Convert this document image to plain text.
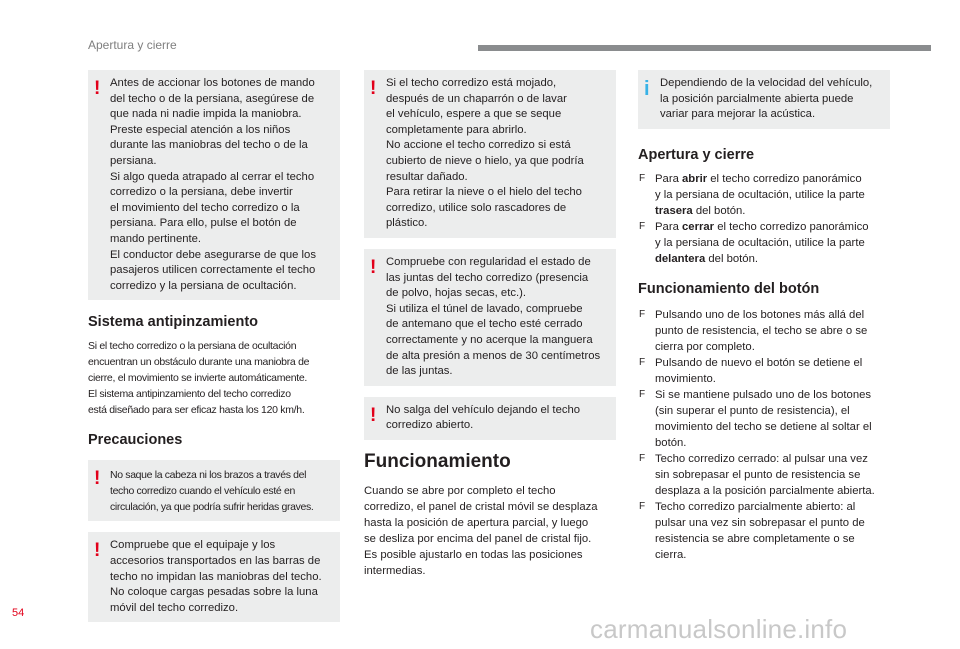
Apertura y cierre
! Antes de accionar los botones de mando
del techo o de la persiana, asegúrese de
que nada ni nadie impida la maniobra.
Preste especial atención a los niños
durante las maniobras del techo o de la
persiana.
Si algo queda atrapado al cerrar el techo
corredizo o la persiana, debe invertir
el movimiento del techo corredizo o la
persiana. Para ello, pulse el botón de
mando pertinente.
El conductor debe asegurarse de que los
pasajeros utilicen correctamente el techo
corredizo y la persiana de ocultación.

Sistema antipinzamiento

Si el techo corredizo o la persiana de ocultación
encuentran un obstáculo durante una maniobra de
cierre, el movimiento se invierte automáticamente.
El sistema antipinzamiento del techo corredizo
está diseñado para ser eficaz hasta los 120 km/h.

Precauciones
! No saque la cabeza ni los brazos a través del
techo corredizo cuando el vehículo esté en
circulación, ya que podría sufrir heridas graves.

! Compruebe que el equipaje y los
accesorios transportados en las barras de
techo no impidan las maniobras del techo.
No coloque cargas pesadas sobre la luna
móvil del techo corredizo.

! Si el techo corredizo está mojado,
después de un chaparrón o de lavar
el vehículo, espere a que se seque
completamente para abrirlo.
No accione el techo corredizo si está
cubierto de nieve o hielo, ya que podría
resultar dañado.
Para retirar la nieve o el hielo del techo
corredizo, utilice solo rascadores de
plástico.

! Compruebe con regularidad el estado de
las juntas del techo corredizo (presencia
de polvo, hojas secas, etc.).
Si utiliza el túnel de lavado, compruebe
de antemano que el techo esté cerrado
correctamente y no acerque la manguera
de alta presión a menos de 30 centímetros
de las juntas.

! No salga del vehículo dejando el techo
corredizo abierto.

Funcionamiento

Cuando se abre por completo el techo
corredizo, el panel de cristal móvil se desplaza
hasta la posición de apertura parcial, y luego
se desliza por encima del panel de cristal fijo.
Es posible ajustarlo en todas las posiciones
intermedias.

i Dependiendo de la velocidad del vehículo,
la posición parcialmente abierta puede
variar para mejorar la acústica.

Apertura y cierre
F Para abrir el techo corredizo panorámico
y la persiana de ocultación, utilice la parte
trasera del botón.
F Para cerrar el techo corredizo panorámico
y la persiana de ocultación, utilice la parte
delantera del botón.
Funcionamiento del botón
F Pulsando uno de los botones más allá del
punto de resistencia, el techo se abre o se
cierra por completo.
F Pulsando de nuevo el botón se detiene el
movimiento.
F Si se mantiene pulsado uno de los botones
(sin superar el punto de resistencia), el
movimiento del techo se detiene al soltar el
botón.
F Techo corredizo cerrado: al pulsar una vez
sin sobrepasar el punto de resistencia se
desplaza a la posición parcialmente abierta.
F Techo corredizo parcialmente abierto: al
pulsar una vez sin sobrepasar el punto de
resistencia se abre completamente o se
cierra.
54
carmanualsonline.info
